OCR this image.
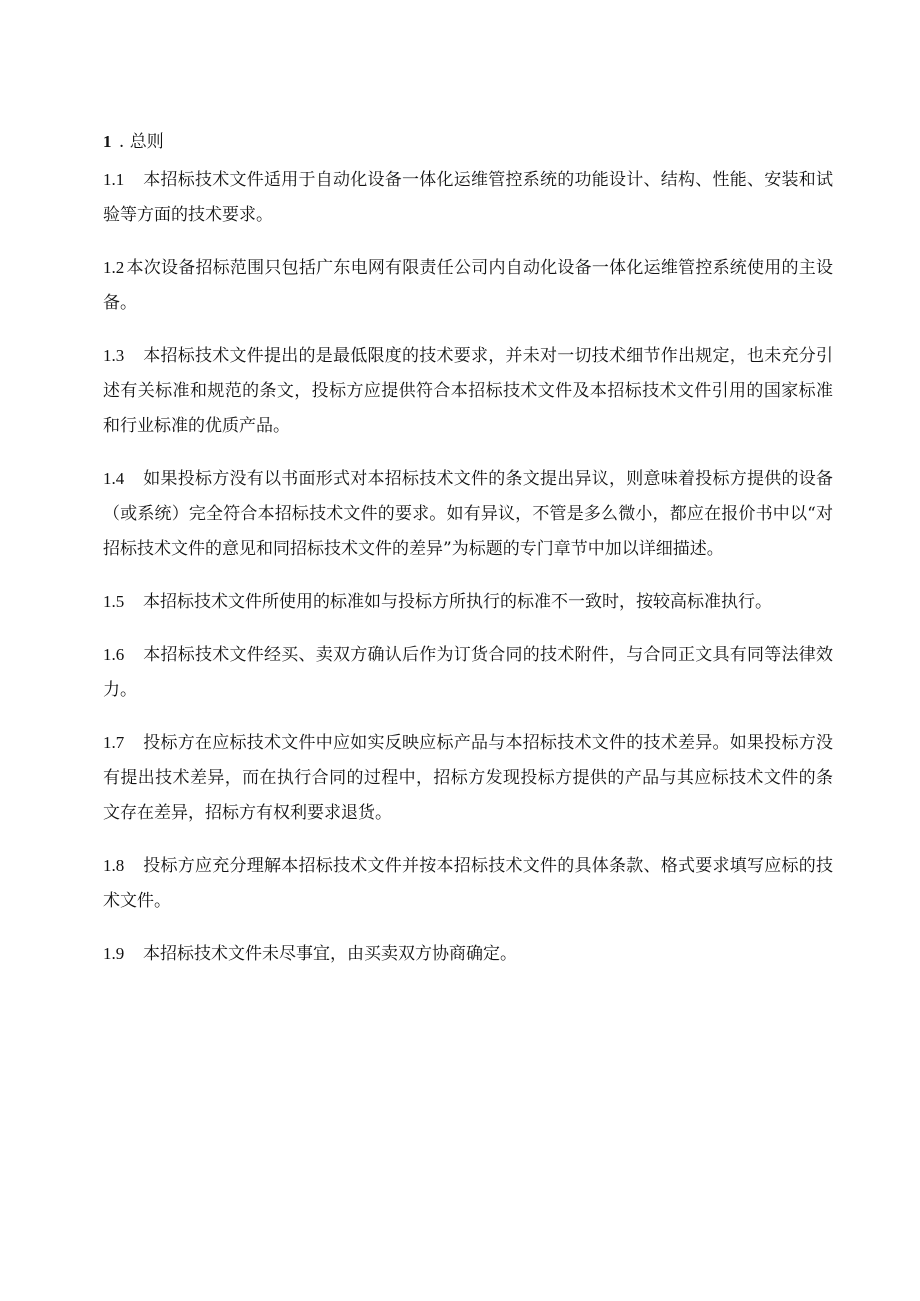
1 . 总则

1.1 本招标技术文件适用于自动化设备一体化运维管控系统的功能设计、结构、性能、安装和试验等方面的技术要求。

1.2 本次设备招标范围只包括广东电网有限责任公司内自动化设备一体化运维管控系统使用的主设备。

1.3 本招标技术文件提出的是最低限度的技术要求，并未对一切技术细节作出规定，也未充分引述有关标准和规范的条文，投标方应提供符合本招标技术文件及本招标技术文件引用的国家标准和行业标准的优质产品。

1.4 如果投标方没有以书面形式对本招标技术文件的条文提出异议，则意味着投标方提供的设备（或系统）完全符合本招标技术文件的要求。如有异议，不管是多么微小，都应在报价书中以“对招标技术文件的意见和同招标技术文件的差异”为标题的专门章节中加以详细描述。

1.5 本招标技术文件所使用的标准如与投标方所执行的标准不一致时，按较高标准执行。

1.6 本招标技术文件经买、卖双方确认后作为订货合同的技术附件，与合同正文具有同等法律效力。

1.7 投标方在应标技术文件中应如实反映应标产品与本招标技术文件的技术差异。如果投标方没有提出技术差异，而在执行合同的过程中，招标方发现投标方提供的产品与其应标技术文件的条文存在差异，招标方有权利要求退货。

1.8 投标方应充分理解本招标技术文件并按本招标技术文件的具体条款、格式要求填写应标的技术文件。

1.9 本招标技术文件未尽事宜，由买卖双方协商确定。
